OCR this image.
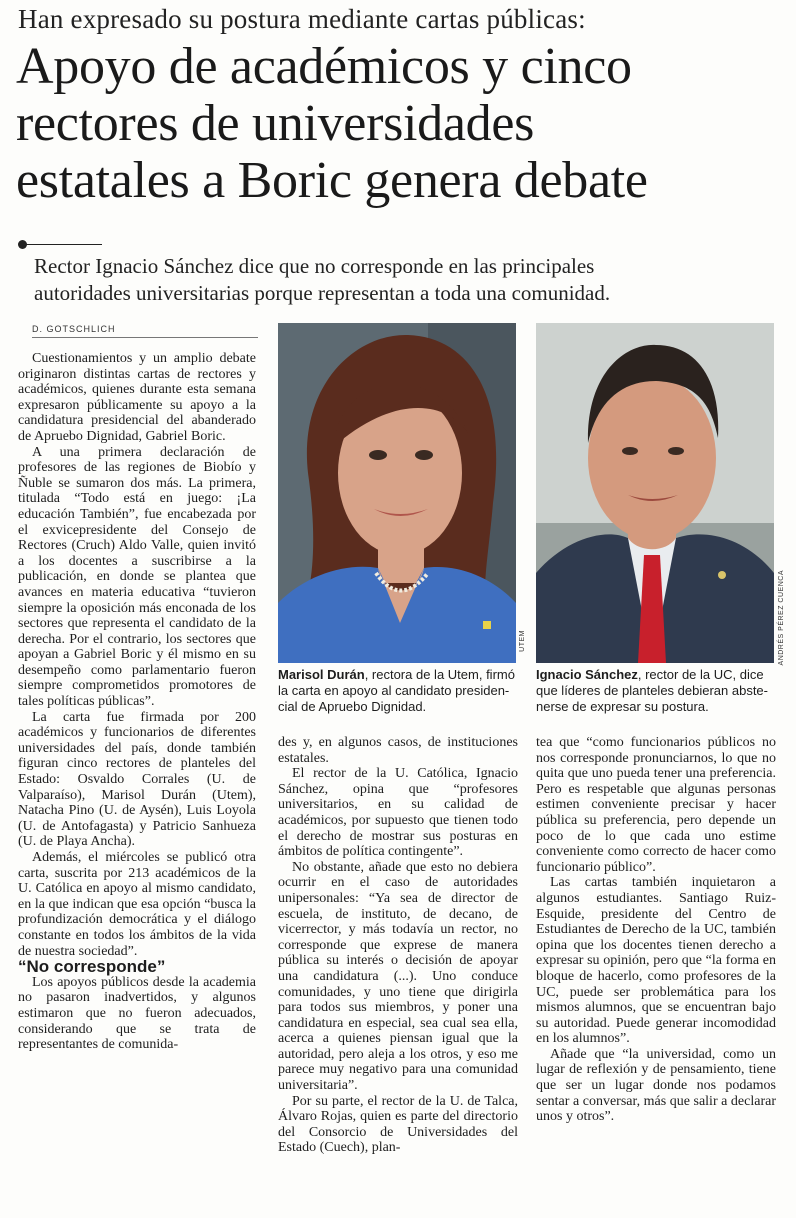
Han expresado su postura mediante cartas públicas:
Apoyo de académicos y cinco
rectores de universidades
estatales a Boric genera debate
Rector Ignacio Sánchez dice que no corresponde en las principales
autoridades universitarias porque representan a toda una comunidad.
D. GOTSCHLICH

Cuestionamientos y un amplio debate originaron distintas cartas de rectores y académicos, quienes durante esta semana expresaron públicamente su apoyo a la candidatura presidencial del abanderado de Apruebo Dignidad, Gabriel Boric.

A una primera declaración de profesores de las regiones de Biobío y Ñuble se sumaron dos más. La primera, titulada “Todo está en juego: ¡La educación También”, fue encabezada por el exvicepresidente del Consejo de Rectores (Cruch) Aldo Valle, quien invitó a los docentes a suscribirse a la publicación, en donde se plantea que avances en materia educativa “tuvieron siempre la oposición más enconada de los sectores que representa el candidato de la derecha. Por el contrario, los sectores que apoyan a Gabriel Boric y él mismo en su desempeño como parlamentario fueron siempre comprometidos promotores de tales políticas públicas”.

La carta fue firmada por 200 académicos y funcionarios de diferentes universidades del país, donde también figuran cinco rectores de planteles del Estado: Osvaldo Corrales (U. de Valparaíso), Marisol Durán (Utem), Natacha Pino (U. de Aysén), Luis Loyola (U. de Antofagasta) y Patricio Sanhueza (U. de Playa Ancha).

Además, el miércoles se publicó otra carta, suscrita por 213 académicos de la U. Católica en apoyo al mismo candidato, en la que indican que esa opción “busca la profundización democrática y el diálogo constante en todos los ámbitos de la vida de nuestra sociedad”.

“No corresponde”

Los apoyos públicos desde la academia no pasaron inadvertidos, y algunos estimaron que no fueron adecuados, considerando que se trata de representantes de comunida-

UTEM
Marisol Durán, rectora de la Utem, firmó
la carta en apoyo al candidato presiden-
cial de Apruebo Dignidad.
ANDRÉS PÉREZ CUENCA
Ignacio Sánchez, rector de la UC, dice
que líderes de planteles debieran abste-
nerse de expresar su postura.

des y, en algunos casos, de instituciones estatales.

El rector de la U. Católica, Ignacio Sánchez, opina que “profesores universitarios, en su calidad de académicos, por supuesto que tienen todo el derecho de mostrar sus posturas en ámbitos de política contingente”.

No obstante, añade que esto no debiera ocurrir en el caso de autoridades unipersonales: “Ya sea de director de escuela, de instituto, de decano, de vicerrector, y más todavía un rector, no corresponde que exprese de manera pública su interés o decisión de apoyar una candidatura (...). Uno conduce comunidades, y uno tiene que dirigirla para todos sus miembros, y poner una candidatura en especial, sea cual sea ella, acerca a quienes piensan igual que la autoridad, pero aleja a los otros, y eso me parece muy negativo para una comunidad universitaria”.

Por su parte, el rector de la U. de Talca, Álvaro Rojas, quien es parte del directorio del Consorcio de Universidades del Estado (Cuech), plan-

tea que “como funcionarios públicos no nos corresponde pronunciarnos, lo que no quita que uno pueda tener una preferencia. Pero es respetable que algunas personas estimen conveniente precisar y hacer pública su preferencia, pero depende un poco de lo que cada uno estime conveniente como correcto de hacer como funcionario público”.

Las cartas también inquietaron a algunos estudiantes. Santiago Ruiz-Esquide, presidente del Centro de Estudiantes de Derecho de la UC, también opina que los docentes tienen derecho a expresar su opinión, pero que “la forma en bloque de hacerlo, como profesores de la UC, puede ser problemática para los mismos alumnos, que se encuentran bajo su autoridad. Puede generar incomodidad en los alumnos”.

Añade que “la universidad, como un lugar de reflexión y de pensamiento, tiene que ser un lugar donde nos podamos sentar a conversar, más que salir a declarar unos y otros”.
